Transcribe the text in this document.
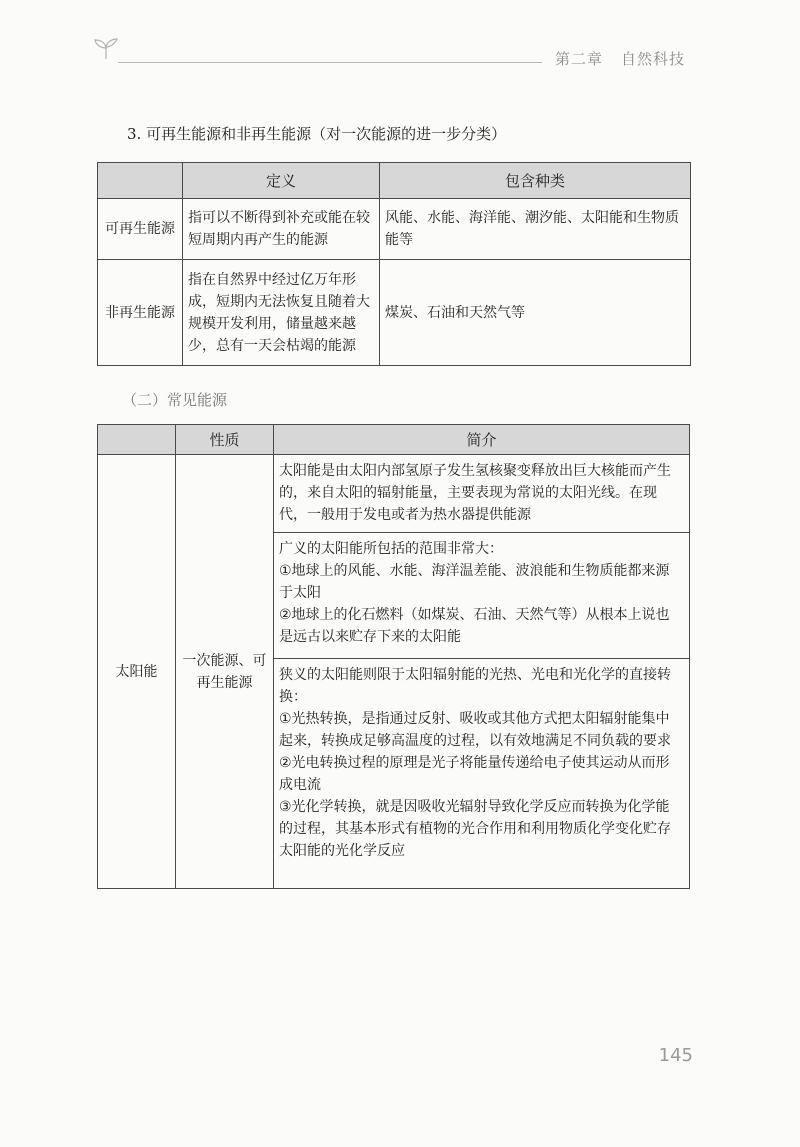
第二章 自然科技
3. 可再生能源和非再生能源（对一次能源的进一步分类）
	定义	包含种类
可再生能源	指可以不断得到补充或能在较短周期内再产生的能源	风能、水能、海洋能、潮汐能、太阳能和生物质能等
非再生能源	指在自然界中经过亿万年形成，短期内无法恢复且随着大规模开发利用，储量越来越少，总有一天会枯竭的能源	煤炭、石油和天然气等
（二）常见能源
	性质	简介
太阳能	一次能源、可再生能源	太阳能是由太阳内部氢原子发生氢核聚变释放出巨大核能而产生的，来自太阳的辐射能量，主要表现为常说的太阳光线。在现代，一般用于发电或者为热水器提供能源

		广义的太阳能所包括的范围非常大：
①地球上的风能、水能、海洋温差能、波浪能和生物质能都来源于太阳
②地球上的化石燃料（如煤炭、石油、天然气等）从根本上说也是远古以来贮存下来的太阳能

		狭义的太阳能则限于太阳辐射能的光热、光电和光化学的直接转换：
①光热转换，是指通过反射、吸收或其他方式把太阳辐射能集中起来，转换成足够高温度的过程，以有效地满足不同负载的要求
②光电转换过程的原理是光子将能量传递给电子使其运动从而形成电流
③光化学转换，就是因吸收光辐射导致化学反应而转换为化学能的过程，其基本形式有植物的光合作用和利用物质化学变化贮存太阳能的光化学反应
145
